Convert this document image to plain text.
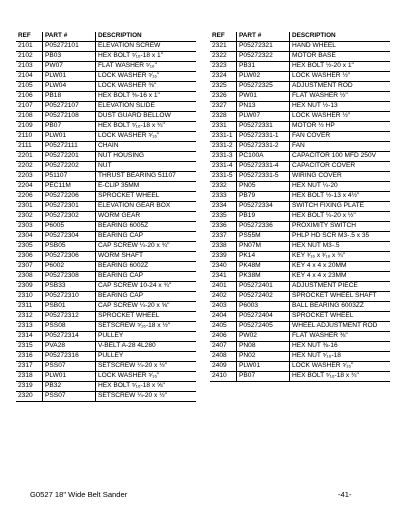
REF	PART #	DESCRIPTION
2101	P05272101	ELEVATION SCREW
2102	PB03	HEX BOLT ⁵⁄₁₆-18 x 1"
2103	PW07	FLAT WASHER ⁵⁄₁₆"
2104	PLW01	LOCK WASHER ⁵⁄₁₆"
2105	PLW04	LOCK WASHER ⅜"
2106	PB18	HEX BOLT ⅜-16 x 1"
2107	P05272107	ELEVATION SLIDE
2108	P05272108	DUST GUARD BELLOW
2109	PB07	HEX BOLT ⁵⁄₁₆-18 x ¾"
2110	PLW01	LOCK WASHER ⁵⁄₁₆"
2111	P05272111	CHAIN
2201	P05272201	NUT HOUSING
2202	P05272202	NUT
2203	P51107	THRUST BEARING 51107
2204	PEC11M	E-CLIP 35MM
2206	P05272206	SPROCKET WHEEL
2301	P05272301	ELEVATION GEAR BOX
2302	P05272302	WORM GEAR
2303	P6005	BEARING 6005Z
2304	P05272304	BEARING CAP
2305	PSB05	CAP SCREW ¼-20 x ¾"
2306	P05272306	WORM SHAFT
2307	P6002	BEARING 6002Z
2308	P05272308	BEARING CAP
2309	PSB33	CAP SCREW 10-24 x ¾"
2310	P05272310	BEARING CAP
2311	PSB01	CAP SCREW ¼-20 x ⅝"
2312	P05272312	SPROCKET WHEEL
2313	PSS08	SETSCREW ⁵⁄₁₆-18 x ½"
2314	P05272314	PULLEY
2315	PVA28	V-BELT A-28 4L280
2316	P05272316	PULLEY
2317	PSS07	SETSCREW ¼-20 x ½"
2318	PLW01	LOCK WASHER ⁵⁄₁₆"
2319	PB32	HEX BOLT ⁵⁄₁₆-18 x ⅝"
2320	PSS07	SETSCREW ¼-20 x ½"
REF	PART #	DESCRIPTION
2321	P05272321	HAND WHEEL
2322	P05272322	MOTOR BASE
2323	PB31	HEX BOLT ½-20 x 1"
2324	PLW02	LOCK WASHER ½"
2325	P05272325	ADJUSTMENT ROD
2326	PW01	FLAT WASHER ½"
2327	PN13	HEX NUT ½-13
2328	PLW07	LOCK WASHER ½"
2331	P05272331	MOTOR ½ HP
2331-1	P05272331-1	FAN COVER
2331-2	P05272331-2	FAN
2331-3	PC100A	CAPACITOR 100 MFD 250V
2331-4	P05272331-4	CAPACITOR COVER
2331-5	P05272331-5	WIRING COVER
2332	PN05	HEX NUT ¼-20
2333	PB79	HEX BOLT ½-13 x 4½"
2334	P05272334	SWITCH FIXING PLATE
2335	PB19	HEX BOLT ¼-20 x ½"
2336	P05272336	PROXIMITY SWITCH
2337	PS55M	PHLP HD SCR M3-.5 x 35
2338	PN07M	HEX NUT M3-.5
2339	PK14	KEY ³⁄₁₆ x ³⁄₁₆ x ¾"
2340	PK48M	KEY 4 x 4 x 20MM
2341	PK38M	KEY 4 x 4 x 23MM
2401	P05272401	ADJUSTMENT PIECE
2402	P05272402	SPROCKET WHEEL SHAFT
2403	P6003	BALL BEARING 6003ZZ
2404	P05272404	SPROCKET WHEEL
2405	P05272405	WHEEL ADJUSTMENT ROD
2406	PW02	FLAT WASHER ⅜"
2407	PN08	HEX NUT ⅜-16
2408	PN02	HEX NUT ⁵⁄₁₆-18
2409	PLW01	LOCK WASHER ⁵⁄₁₆"
2410	PB07	HEX BOLT ⁵⁄₁₆-18 x ¾"
G0527 18" Wide Belt Sander	-41-
